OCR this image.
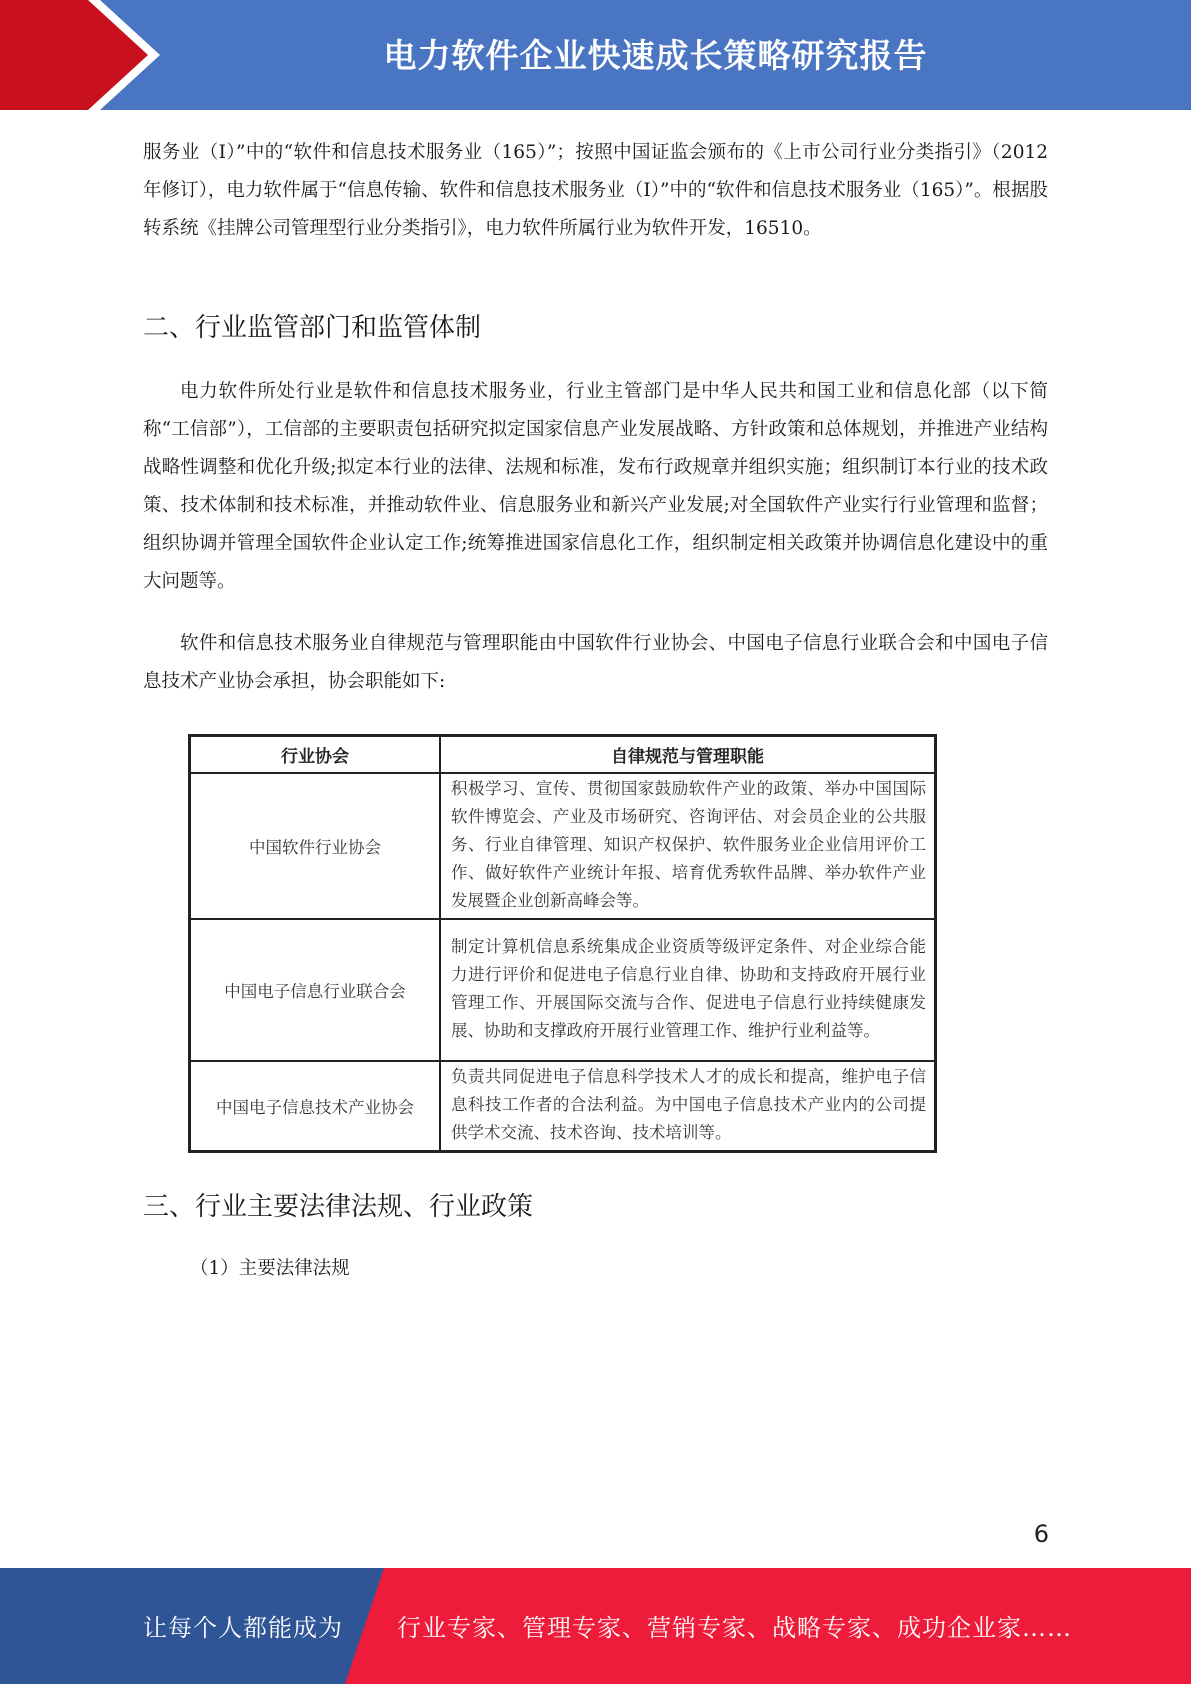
电力软件企业快速成长策略研究报告

服务业（I）”中的“软件和信息技术服务业（165）”；按照中国证监会颁布的《上市公司行业分类指引》（2012 年修订），电力软件属于“信息传输、软件和信息技术服务业（I）”中的“软件和信息技术服务业（165）”。根据股转系统《挂牌公司管理型行业分类指引》，电力软件所属行业为软件开发，16510。

二、行业监管部门和监管体制

电力软件所处行业是软件和信息技术服务业，行业主管部门是中华人民共和国工业和信息化部（以下简称“工信部”），工信部的主要职责包括研究拟定国家信息产业发展战略、方针政策和总体规划，并推进产业结构战略性调整和优化升级;拟定本行业的法律、法规和标准，发布行政规章并组织实施；组织制订本行业的技术政策、技术体制和技术标准，并推动软件业、信息服务业和新兴产业发展;对全国软件产业实行行业管理和监督；组织协调并管理全国软件企业认定工作;统筹推进国家信息化工作，组织制定相关政策并协调信息化建设中的重大问题等。

软件和信息技术服务业自律规范与管理职能由中国软件行业协会、中国电子信息行业联合会和中国电子信息技术产业协会承担，协会职能如下:

行业协会	自律规范与管理职能
中国软件行业协会	积极学习、宣传、贯彻国家鼓励软件产业的政策、举办中国国际软件博览会、产业及市场研究、咨询评估、对会员企业的公共服务、行业自律管理、知识产权保护、软件服务业企业信用评价工作、做好软件产业统计年报、培育优秀软件品牌、举办软件产业发展暨企业创新高峰会等。
中国电子信息行业联合会	制定计算机信息系统集成企业资质等级评定条件、对企业综合能力进行评价和促进电子信息行业自律、协助和支持政府开展行业管理工作、开展国际交流与合作、促进电子信息行业持续健康发展、协助和支撑政府开展行业管理工作、维护行业利益等。
中国电子信息技术产业协会	负责共同促进电子信息科学技术人才的成长和提高，维护电子信息科技工作者的合法利益。为中国电子信息技术产业内的公司提供学术交流、技术咨询、技术培训等。
三、行业主要法律法规、行业政策

（1）主要法律法规

6
让每个人都能成为 行业专家、管理专家、营销专家、战略专家、成功企业家……
